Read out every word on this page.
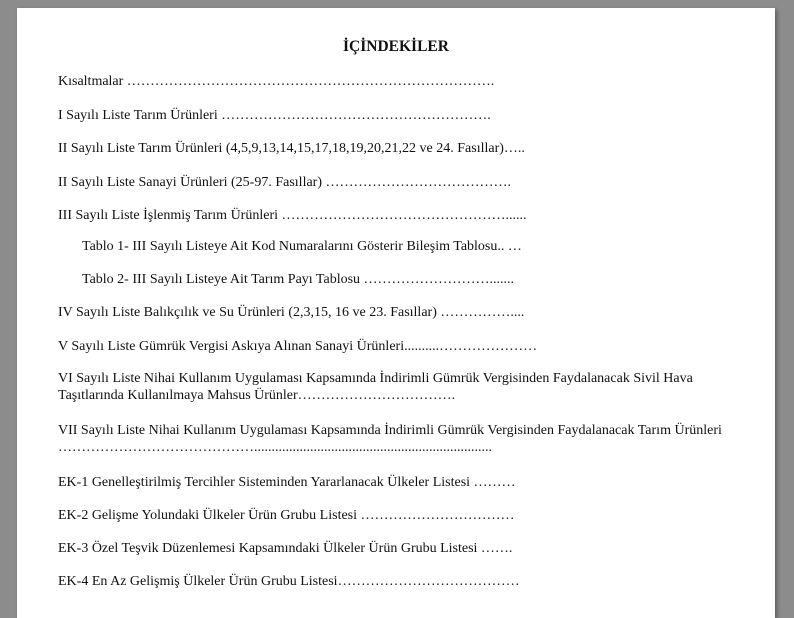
İÇİNDEKİLER
Kısaltmalar …………………………………………………………………….
I Sayılı Liste Tarım Ürünleri ………………………………………………….
II Sayılı Liste Tarım Ürünleri (4,5,9,13,14,15,17,18,19,20,21,22 ve 24. Fasıllar)…..
II Sayılı Liste Sanayi Ürünleri (25-97. Fasıllar) ………………………………….
III Sayılı Liste İşlenmiş Tarım Ürünleri …………………………………………......
Tablo 1- III Sayılı Listeye Ait Kod Numaralarını Gösterir Bileşim Tablosu.. …
Tablo 2- III Sayılı Listeye Ait Tarım Payı Tablosu ……………………….......
IV Sayılı Liste Balıkçılık ve Su Ürünleri (2,3,15, 16 ve 23. Fasıllar) ……………....
V Sayılı Liste Gümrük Vergisi Askıya Alınan Sanayi Ürünleri..........…………………
VI Sayılı Liste Nihai Kullanım Uygulaması Kapsamında İndirimli Gümrük Vergisinden Faydalanacak Sivil Hava Taşıtlarında Kullanılmaya Mahsus Ürünler…………………………….
VII Sayılı Liste Nihai Kullanım Uygulaması Kapsamında İndirimli Gümrük Vergisinden Faydalanacak Tarım Ürünleri ……………………………………....................................................................
EK-1 Genelleştirilmiş Tercihler Sisteminden Yararlanacak Ülkeler Listesi ………
EK-2 Gelişme Yolundaki Ülkeler Ürün Grubu Listesi ……………………………
EK-3 Özel Teşvik Düzenlemesi Kapsamındaki Ülkeler Ürün Grubu Listesi …….
EK-4 En Az Gelişmiş Ülkeler Ürün Grubu Listesi…………………………………
